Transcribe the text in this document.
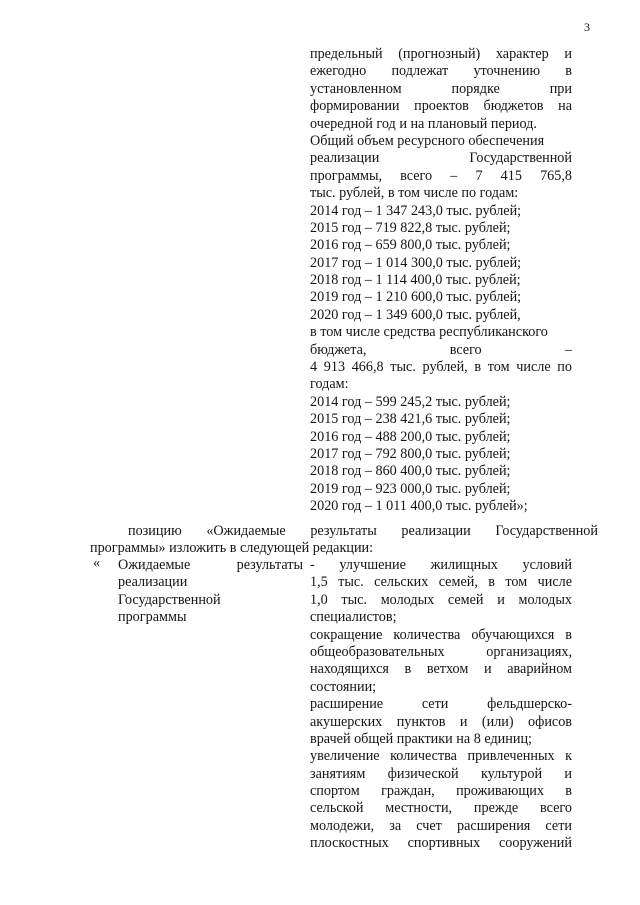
3
предельный (прогнозный) характер и
ежегодно подлежат уточнению в
установленном порядке при
формировании проектов бюджетов на
очередной год и на плановый период.
Общий объем ресурсного обеспечения
реализации Государственной
программы, всего – 7 415 765,8
тыс. рублей, в том числе по годам:
2014 год – 1 347 243,0 тыс. рублей;
2015 год – 719 822,8 тыс. рублей;
2016 год – 659 800,0 тыс. рублей;
2017 год – 1 014 300,0 тыс. рублей;
2018 год – 1 114 400,0 тыс. рублей;
2019 год – 1 210 600,0 тыс. рублей;
2020 год – 1 349 600,0 тыс. рублей,
в том числе средства республиканского
бюджета, всего –
4 913 466,8 тыс. рублей, в том числе по
годам:
2014 год – 599 245,2 тыс. рублей;
2015 год – 238 421,6 тыс. рублей;
2016 год – 488 200,0 тыс. рублей;
2017 год – 792 800,0 тыс. рублей;
2018 год – 860 400,0 тыс. рублей;
2019 год – 923 000,0 тыс. рублей;
2020 год – 1 011 400,0 тыс. рублей»;
позицию «Ожидаемые результаты реализации Государственной
программы» изложить в следующей редакции:
« Ожидаемые результаты
реализации
Государственной
программы
- улучшение жилищных условий
1,5 тыс. сельских семей, в том числе
1,0 тыс. молодых семей и молодых
специалистов;
сокращение количества обучающихся в
общеобразовательных организациях,
находящихся в ветхом и аварийном
состоянии;
расширение сети фельдшерско-
акушерских пунктов и (или) офисов
врачей общей практики на 8 единиц;
увеличение количества привлеченных к
занятиям физической культурой и
спортом граждан, проживающих в
сельской местности, прежде всего
молодежи, за счет расширения сети
плоскостных спортивных сооружений
